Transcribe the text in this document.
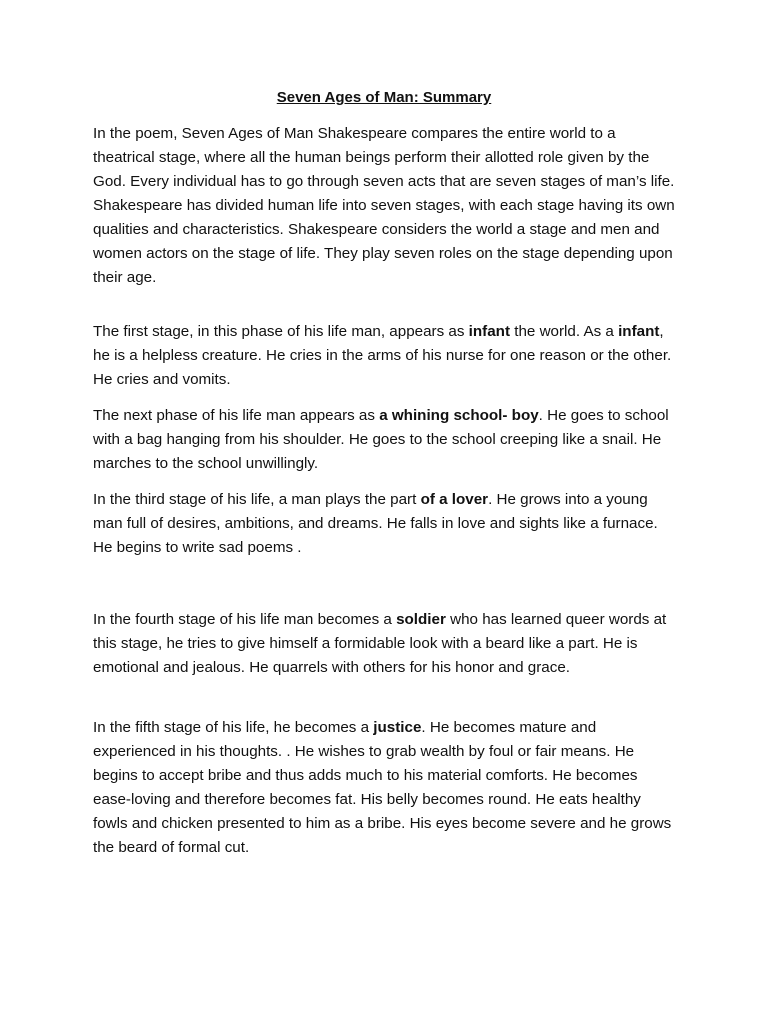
Seven Ages of Man: Summary

In the poem, Seven Ages of Man Shakespeare compares the entire world to a theatrical stage, where all the human beings perform their allotted role given by the God. Every individual has to go through seven acts that are seven stages of man’s life. Shakespeare has divided human life into seven stages, with each stage having its own qualities and characteristics. Shakespeare considers the world a stage and men and women actors on the stage of life. They play seven roles on the stage depending upon their age.

The first stage, in this phase of his life man, appears as infant the world. As a infant, he is a helpless creature. He cries in the arms of his nurse for one reason or the other. He cries and vomits.

The next phase of his life man appears as a whining school- boy. He goes to school with a bag hanging from his shoulder. He goes to the school creeping like a snail. He marches to the school unwillingly.

In the third stage of his life, a man plays the part of a lover. He grows into a young man full of desires, ambitions, and dreams. He falls in love and sights like a furnace. He begins to write sad poems .

In the fourth stage of his life man becomes a soldier who has learned queer words at this stage, he tries to give himself a formidable look with a beard like a part. He is emotional and jealous. He quarrels with others for his honor and grace.

In the fifth stage of his life, he becomes a justice. He becomes mature and experienced in his thoughts. . He wishes to grab wealth by foul or fair means. He begins to accept bribe and thus adds much to his material comforts. He becomes ease-loving and therefore becomes fat. His belly becomes round. He eats healthy fowls and chicken presented to him as a bribe. His eyes become severe and he grows the beard of formal cut.
